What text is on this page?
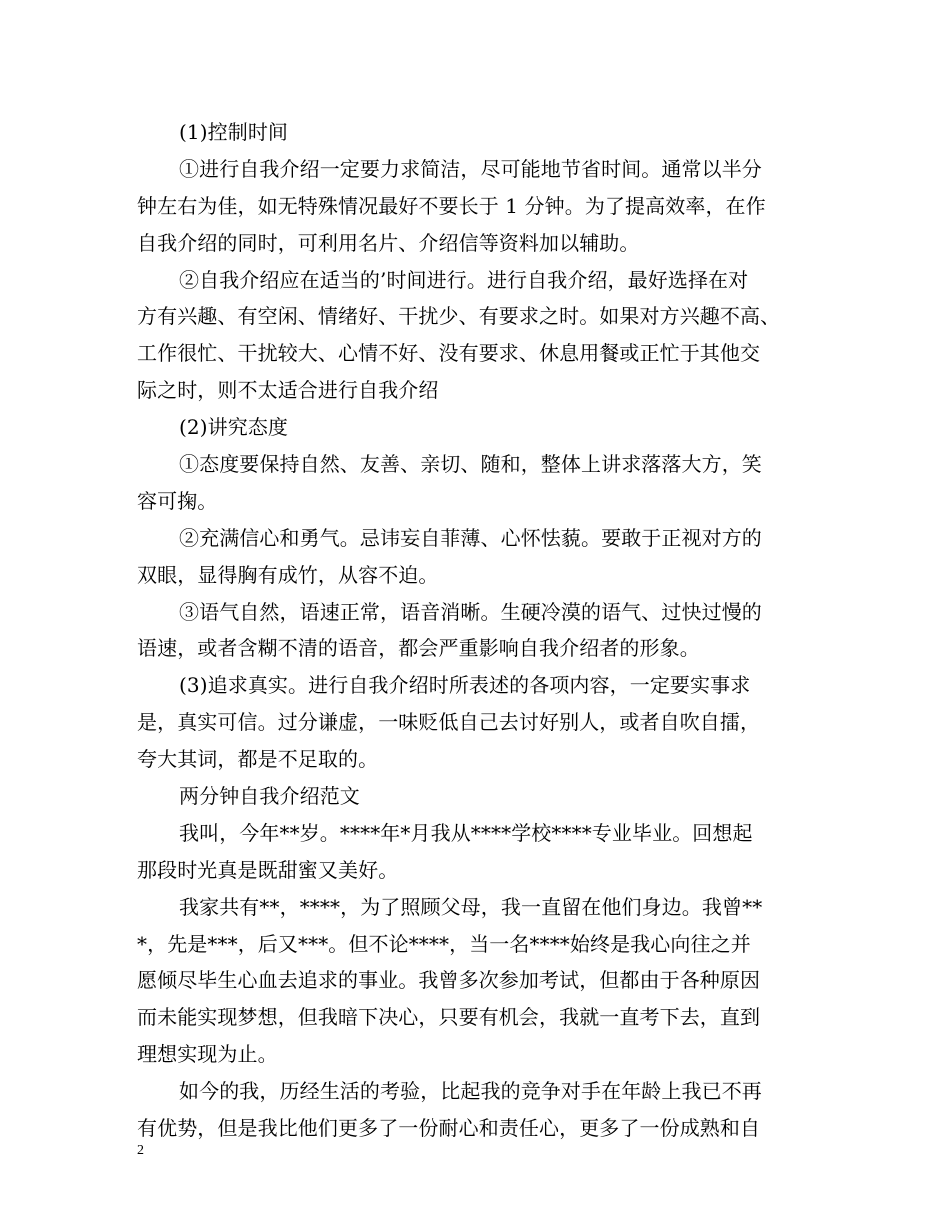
(1)控制时间
①进行自我介绍一定要力求简洁，尽可能地节省时间。通常以半分
钟左右为佳，如无特殊情况最好不要长于 1 分钟。为了提高效率，在作
自我介绍的同时，可利用名片、介绍信等资料加以辅助。
②自我介绍应在适当的’时间进行。进行自我介绍，最好选择在对
方有兴趣、有空闲、情绪好、干扰少、有要求之时。如果对方兴趣不高、
工作很忙、干扰较大、心情不好、没有要求、休息用餐或正忙于其他交
际之时，则不太适合进行自我介绍
(2)讲究态度
①态度要保持自然、友善、亲切、随和，整体上讲求落落大方，笑
容可掬。
②充满信心和勇气。忌讳妄自菲薄、心怀怯藐。要敢于正视对方的
双眼，显得胸有成竹，从容不迫。
③语气自然，语速正常，语音消晰。生硬冷漠的语气、过快过慢的
语速，或者含糊不清的语音，都会严重影响自我介绍者的形象。
(3)追求真实。进行自我介绍时所表述的各项内容，一定要实事求
是，真实可信。过分谦虚，一味贬低自己去讨好别人，或者自吹自擂，
夸大其词，都是不足取的。
两分钟自我介绍范文
我叫，今年**岁。****年*月我从****学校****专业毕业。回想起
那段时光真是既甜蜜又美好。
我家共有**，****，为了照顾父母，我一直留在他们身边。我曾**
*，先是***，后又***。但不论****，当一名****始终是我心向往之并
愿倾尽毕生心血去追求的事业。我曾多次参加考试，但都由于各种原因
而未能实现梦想，但我暗下决心，只要有机会，我就一直考下去，直到
理想实现为止。
如今的我，历经生活的考验，比起我的竞争对手在年龄上我已不再
有优势，但是我比他们更多了一份耐心和责任心，更多了一份成熟和自
2
